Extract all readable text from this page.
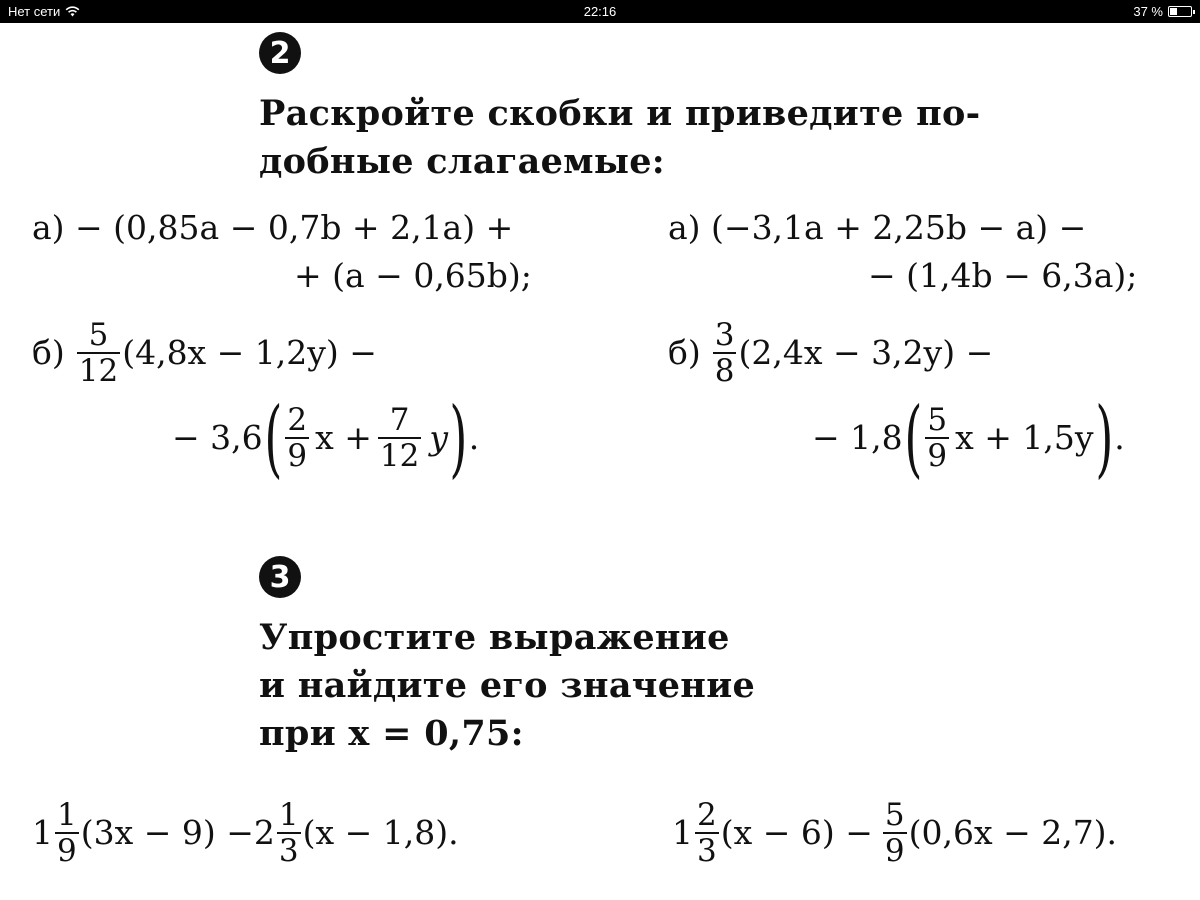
Нет сети	22:16	37 %
2
Раскройте скобки и приведите по-
добные слагаемые:
а) − (0,85a − 0,7b + 2,1a) +
+ (a − 0,65b);
а) (−3,1a + 2,25b − a) −
− (1,4b − 6,3a);
$б) \frac{5}{12} (4,8x - 1,2y)$ −
− 3,6 ( $\frac{2}{9}$ $x + \frac{7}{12}$ y ) .
$б) \frac{3}{8} (2,4x - 3,2y)$ −
− 1,8 ( $\frac{5}{9}$ x + 1,5y ) .
3
Упростите выражение
и найдите его значение
при x = 0,75:
$1 \frac{1}{9} (3x - 9) -2 \frac{1}{3} (x - 1,8)$.	$1 \frac{2}{3} (x - 6) - \frac{5}{9} (0,6x - 2,7)$.
